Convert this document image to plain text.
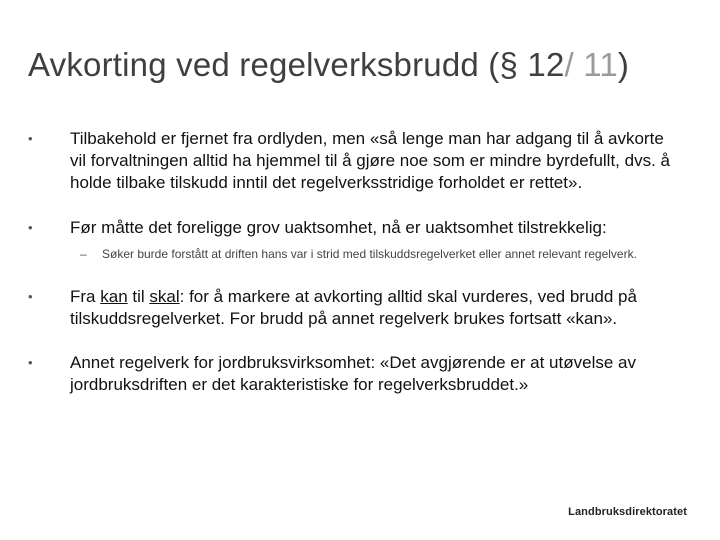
Avkorting ved regelverksbrudd (§ 12/ 11)
•	Tilbakehold er fjernet fra ordlyden, men «så lenge man har adgang til å avkorte vil forvaltningen alltid ha hjemmel til å gjøre noe som er mindre byrdefullt, dvs. å holde tilbake tilskudd inntil det regelverksstridige forholdet er rettet».
•	Før måtte det foreligge grov uaktsomhet, nå er uaktsomhet tilstrekkelig:
– Søker burde forstått at driften hans var i strid med tilskuddsregelverket eller annet relevant regelverk.
•	Fra kan til skal: for å markere at avkorting alltid skal vurderes, ved brudd på tilskuddsregelverket. For brudd på annet regelverk brukes fortsatt «kan».
•	Annet regelverk for jordbruksvirksomhet: «Det avgjørende er at utøvelse av jordbruksdriften er det karakteristiske for regelverksbruddet.»
Landbruksdirektoratet
